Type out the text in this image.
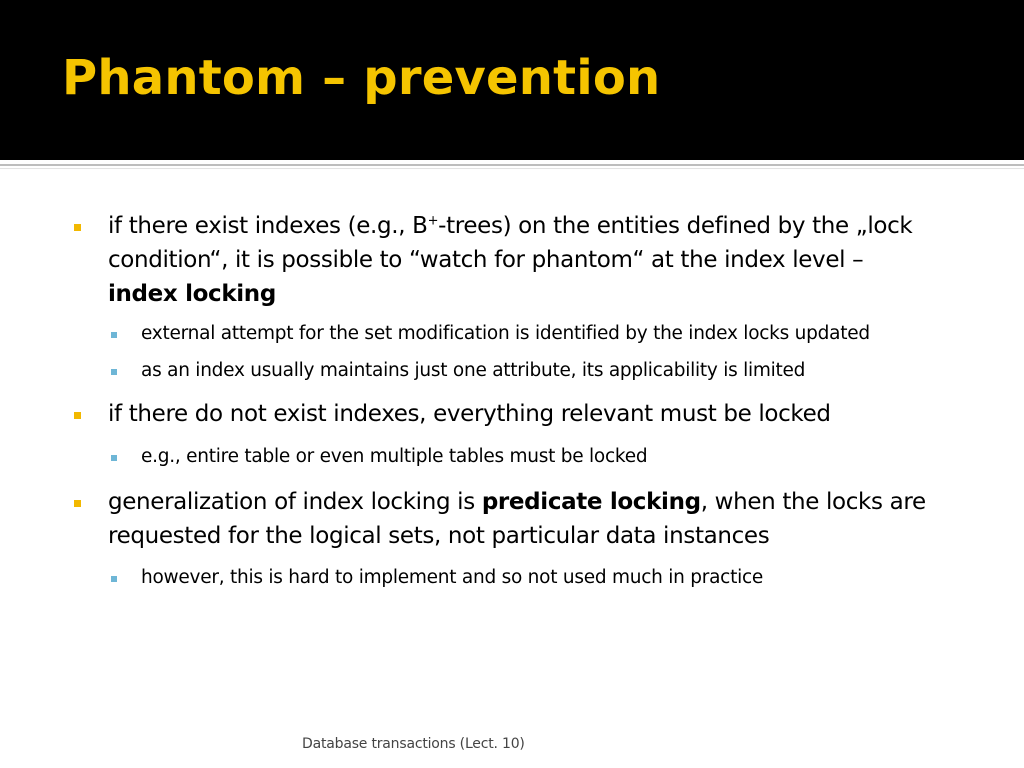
Phantom – prevention

if there exist indexes (e.g., B+-trees) on the entities defined by the „lock condition“, it is possible to “watch for phantom“ at the index level –
index locking

external attempt for the set modification is identified by the index locks updated

as an index usually maintains just one attribute, its applicability is limited

if there do not exist indexes, everything relevant must be locked

e.g., entire table or even multiple tables must be locked

generalization of index locking is predicate locking, when the locks are requested for the logical sets, not particular data instances

however, this is hard to implement and so not used much in practice

Database transactions (Lect. 10)
